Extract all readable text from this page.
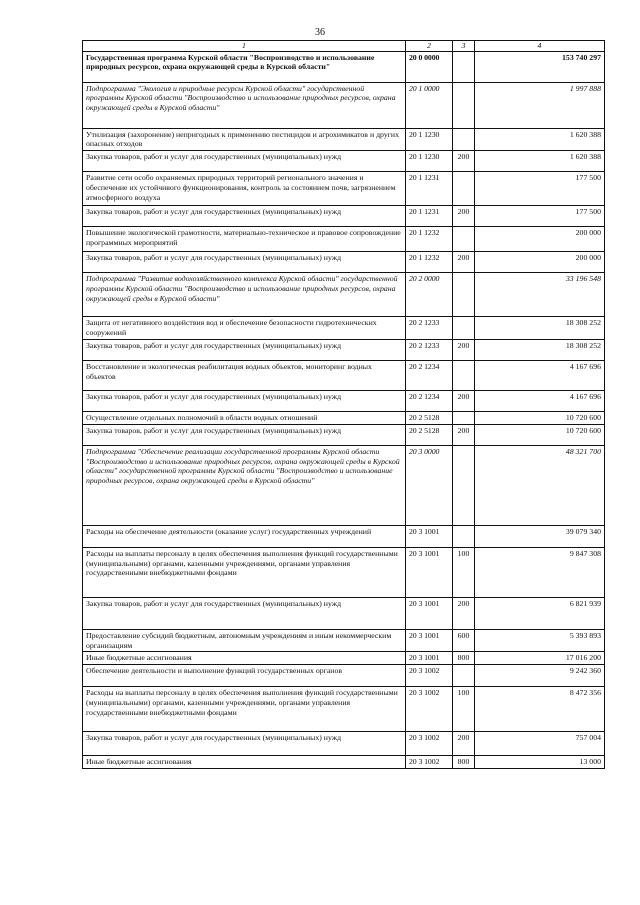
36
1	2	3	4
Государственная программа Курской области "Воспроизводство и использование природных ресурсов, охрана окружающей среды в Курской области"	20 0 0000		153 740 297
Подпрограмма "Экология и природные ресурсы Курской области" государственной программы Курской области "Воспроизводство и использование природных ресурсов, охрана окружающей среды в Курской области"	20 1 0000		1 997 888
Утилизация (захоронение) непригодных к применению пестицидов и агрохимикатов и других опасных отходов	20 1 1230		1 620 388
Закупка товаров, работ и услуг для государственных (муниципальных) нужд	20 1 1230	200	1 620 388
Развитие сети особо охраняемых природных территорий регионального значения и обеспечение их устойчивого функционирования, контроль за состоянием почв, загрязнением атмосферного воздуха	20 1 1231		177 500
Закупка товаров, работ и услуг для государственных (муниципальных) нужд	20 1 1231	200	177 500
Повышение экологической грамотности, материально-техническое и правовое сопровождение программных мероприятий	20 1 1232		200 000
Закупка товаров, работ и услуг для государственных (муниципальных) нужд	20 1 1232	200	200 000
Подпрограмма "Развитие водохозяйственного комплекса Курской области" государственной программы Курской области "Воспроизводство и использование природных ресурсов, охрана окружающей среды в Курской области"	20 2 0000		33 196 548
Защита от негативного воздействия вод и обеспечение безопасности гидротехнических сооружений	20 2 1233		18 308 252
Закупка товаров, работ и услуг для государственных (муниципальных) нужд	20 2 1233	200	18 308 252
Восстановление и экологическая реабилитация водных объектов, мониторинг водных объектов	20 2 1234		4 167 696
Закупка товаров, работ и услуг для государственных (муниципальных) нужд	20 2 1234	200	4 167 696
Осуществление отдельных полномочий в области водных отношений	20 2 5128		10 720 600
Закупка товаров, работ и услуг для государственных (муниципальных) нужд	20 2 5128	200	10 720 600
Подпрограмма "Обеспечение реализации государственной программы Курской области "Воспроизводство и использование природных ресурсов, охрана окружающей среды в Курской области" государственной программы Курской области "Воспроизводство и использование природных ресурсов, охрана окружающей среды в Курской области"	20 3 0000		48 321 700
Расходы на обеспечение деятельности (оказание услуг) государственных учреждений	20 3 1001		39 079 340
Расходы на выплаты персоналу в целях обеспечения выполнения функций государственными (муниципальными) органами, казенными учреждениями, органами управления государственными внебюджетными фондами	20 3 1001	100	9 847 308
Закупка товаров, работ и услуг для государственных (муниципальных) нужд	20 3 1001	200	6 821 939
Предоставление субсидий бюджетным, автономным учреждениям и иным некоммерческим организациям	20 3 1001	600	5 393 893
Иные бюджетные ассигнования	20 3 1001	800	17 016 200
Обеспечение деятельности и выполнение функций государственных органов	20 3 1002		9 242 360
Расходы на выплаты персоналу в целях обеспечения выполнения функций государственными (муниципальными) органами, казенными учреждениями, органами управления государственными внебюджетными фондами	20 3 1002	100	8 472 356
Закупка товаров, работ и услуг для государственных (муниципальных) нужд	20 3 1002	200	757 004
Иные бюджетные ассигнования	20 3 1002	800	13 000
